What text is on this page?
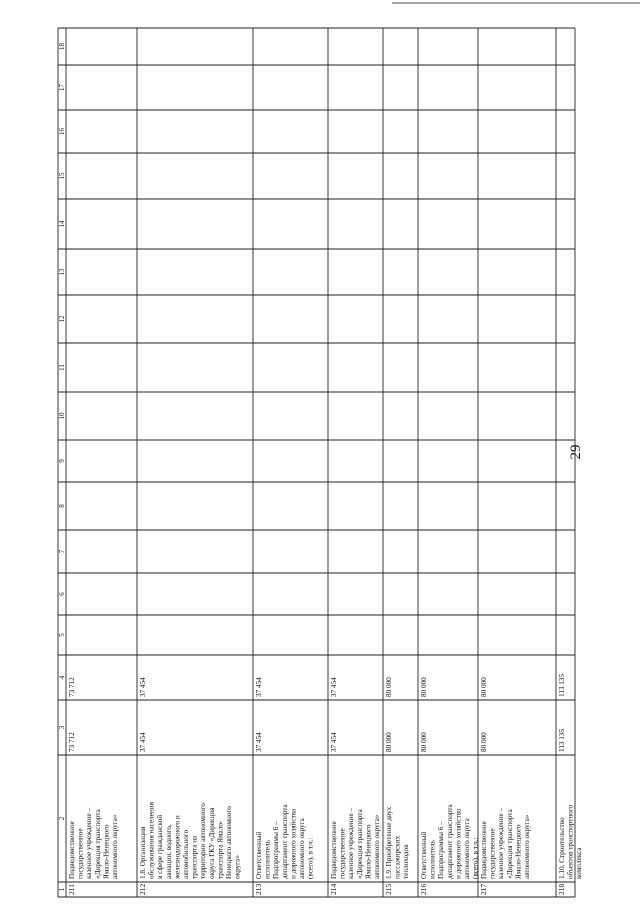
29
1
2
3
4
5
6
7
8
9
10
11
12
13
14
15
16
17
18
211
Подведомственноегосударственноеказенное учреждение –«Дирекция транспортаЯмало-Ненецкогоавтономного округа»
73 712
73 712
212
1.8. Организацияобслуживания населенияв сфере гражданскойавиации, водного,железнодорожного иавтомобильноготранспорта натерритории автономногоокруга ГКУ «Дирекциятранспорта Ямало-Ненецкого автономногоокруга»
37 454
37 454
213
ОтветственныйисполнительПодпрограммы 6 –департамент транспортаи дорожного хозяйстваавтономного округа(всего), в т.ч.:
37 454
37 454
214
Подведомственноегосударственноеказенное учреждение –«Дирекция транспортаЯмало-Ненецкогоавтономного округа»
37 454
37 454
215
1.9. Приобретение двухпассажирскихтеплоходов
80 000
80 000
216
ОтветственныйисполнительПодпрограммы 6 –департамент транспортаи дорожного хозяйстваавтономного округа(всего), в т.ч.:
80 000
80 000
217
Подведомственноегосударственноеказенное учреждение –«Дирекция транспортаЯмало-Ненецкогоавтономного округа»
80 000
80 000
218
1.10. Строительствообъектов транспортногокомплекса
113 135
113 135
